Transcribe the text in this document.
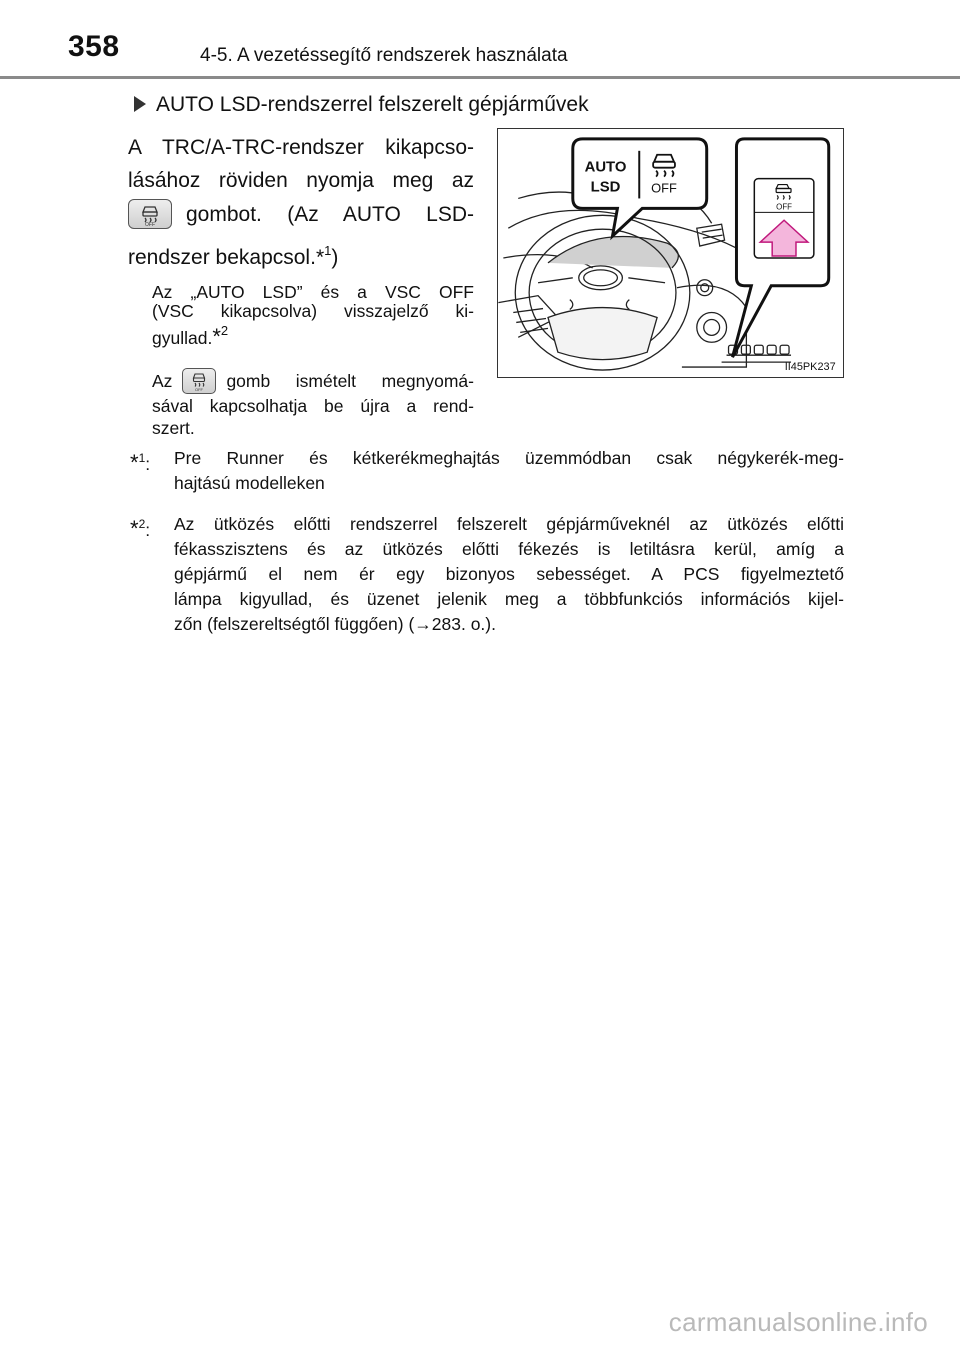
358	4-5. A vezetéssegítő rendszerek használata
AUTO LSD-rendszerrel felszerelt gépjárművek
A TRC/A-TRC-rendszer kikapcso-
lásához röviden nyomja meg az
OFF gombot. (Az AUTO LSD-
rendszer bekapcsol.*$^1$)
Az „AUTO LSD” és a VSC OFF
(VSC kikapcsolva) visszajelző ki-
gyullad.*$^2$
Az	OFF gomb ismételt megnyomá-
sával kapcsolhatja be újra a rend-
szert.
AUTO
LSD OFF
OFF
II45PK237
*$^1$: Pre Runner és kétkerékmeghajtás üzemmódban csak négykerék-meg-
hajtású modelleken
*$^2$: Az ütközés előtti rendszerrel felszerelt gépjárműveknél az ütközés előtti
fékasszisztens és az ütközés előtti fékezés is letiltásra kerül, amíg a
gépjármű el nem ér egy bizonyos sebességet. A PCS figyelmeztető
lámpa kigyullad, és üzenet jelenik meg a többfunkciós információs kijel-
zőn (felszereltségtől függően) (→283. o.).
carmanualsonline.info
